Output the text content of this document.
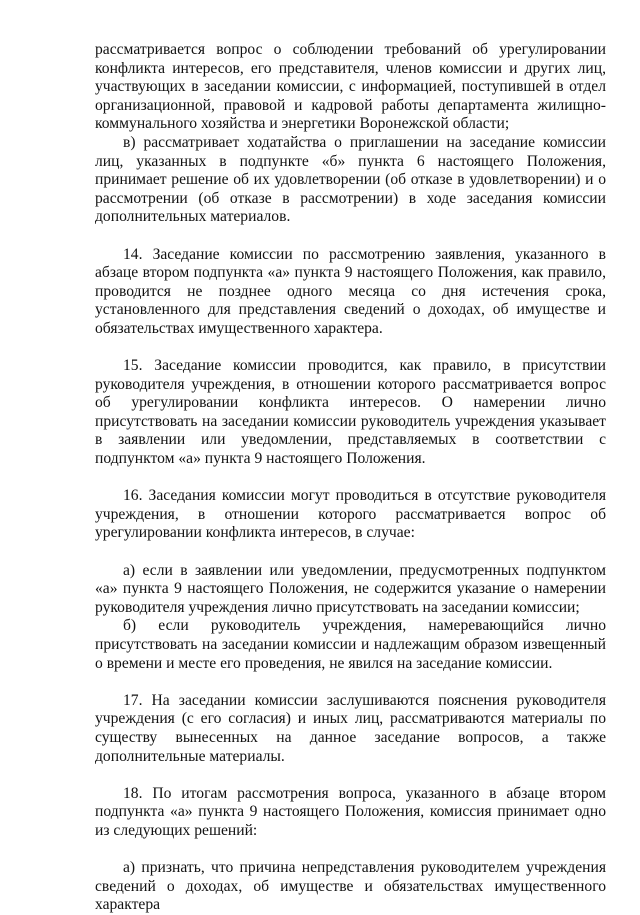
рассматривается вопрос о соблюдении требований об урегулировании конфликта интересов, его представителя, членов комиссии и других лиц, участвующих в заседании комиссии, с информацией, поступившей в отдел организационной, правовой и кадровой работы департамента жилищно-коммунального хозяйства и энергетики Воронежской области;

в) рассматривает ходатайства о приглашении на заседание комиссии лиц, указанных в подпункте «б» пункта 6 настоящего Положения, принимает решение об их удовлетворении (об отказе в удовлетворении) и о рассмотрении (об отказе в рассмотрении) в ходе заседания комиссии дополнительных материалов.

14. Заседание комиссии по рассмотрению заявления, указанного в абзаце втором подпункта «а» пункта 9 настоящего Положения, как правило, проводится не позднее одного месяца со дня истечения срока, установленного для представления сведений о доходах, об имуществе и обязательствах имущественного характера.

15. Заседание комиссии проводится, как правило, в присутствии руководителя учреждения, в отношении которого рассматривается вопрос об урегулировании конфликта интересов. О намерении лично присутствовать на заседании комиссии руководитель учреждения указывает в заявлении или уведомлении, представляемых в соответствии с подпунктом «а» пункта 9 настоящего Положения.

16. Заседания комиссии могут проводиться в отсутствие руководителя учреждения, в отношении которого рассматривается вопрос об урегулировании конфликта интересов, в случае:

а) если в заявлении или уведомлении, предусмотренных подпунктом «а» пункта 9 настоящего Положения, не содержится указание о намерении руководителя учреждения лично присутствовать на заседании комиссии;

б) если руководитель учреждения, намеревающийся лично присутствовать на заседании комиссии и надлежащим образом извещенный о времени и месте его проведения, не явился на заседание комиссии.

17. На заседании комиссии заслушиваются пояснения руководителя учреждения (с его согласия) и иных лиц, рассматриваются материалы по существу вынесенных на данное заседание вопросов, а также дополнительные материалы.

18. По итогам рассмотрения вопроса, указанного в абзаце втором подпункта «а» пункта 9 настоящего Положения, комиссия принимает одно из следующих решений:

а) признать, что причина непредставления руководителем учреждения сведений о доходах, об имуществе и обязательствах имущественного характера
